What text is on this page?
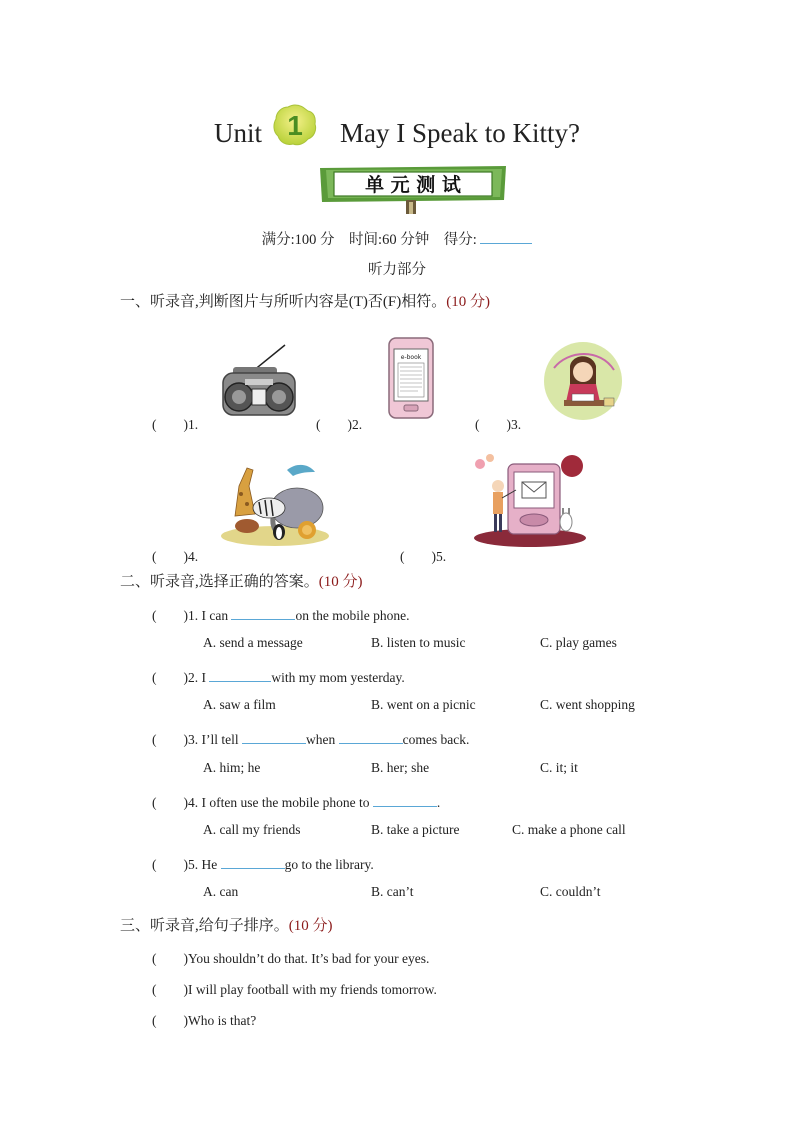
Unit	May I Speak to Kitty?
1
单 元 测 试
满分:100 分 时间:60 分钟 得分:
听力部分
一、听录音,判断图片与所听内容是(T)否(F)相符。(10 分)
e-book
(　　)1.	(　　)2.	(　　)3.
(　　)4.	(　　)5.
二、听录音,选择正确的答案。(10 分)
(　　)1. I can	on the mobile phone.
A. send a message	B. listen to music	C. play games
(　　)2. I	with my mom yesterday.
A. saw a film	B. went on a picnic	C. went shopping
(　　)3. I’ll tell	when	comes back.
A. him; he	B. her; she	C. it; it
(　　)4. I often use the mobile phone to	.
A. call my friends	B. take a picture	C. make a phone call
(　　)5. He	go to the library.
A. can	B. can’t	C. couldn’t
三、听录音,给句子排序。(10 分)
(　　)You shouldn’t do that. It’s bad for your eyes.
(　　)I will play football with my friends tomorrow.
(　　)Who is that?
